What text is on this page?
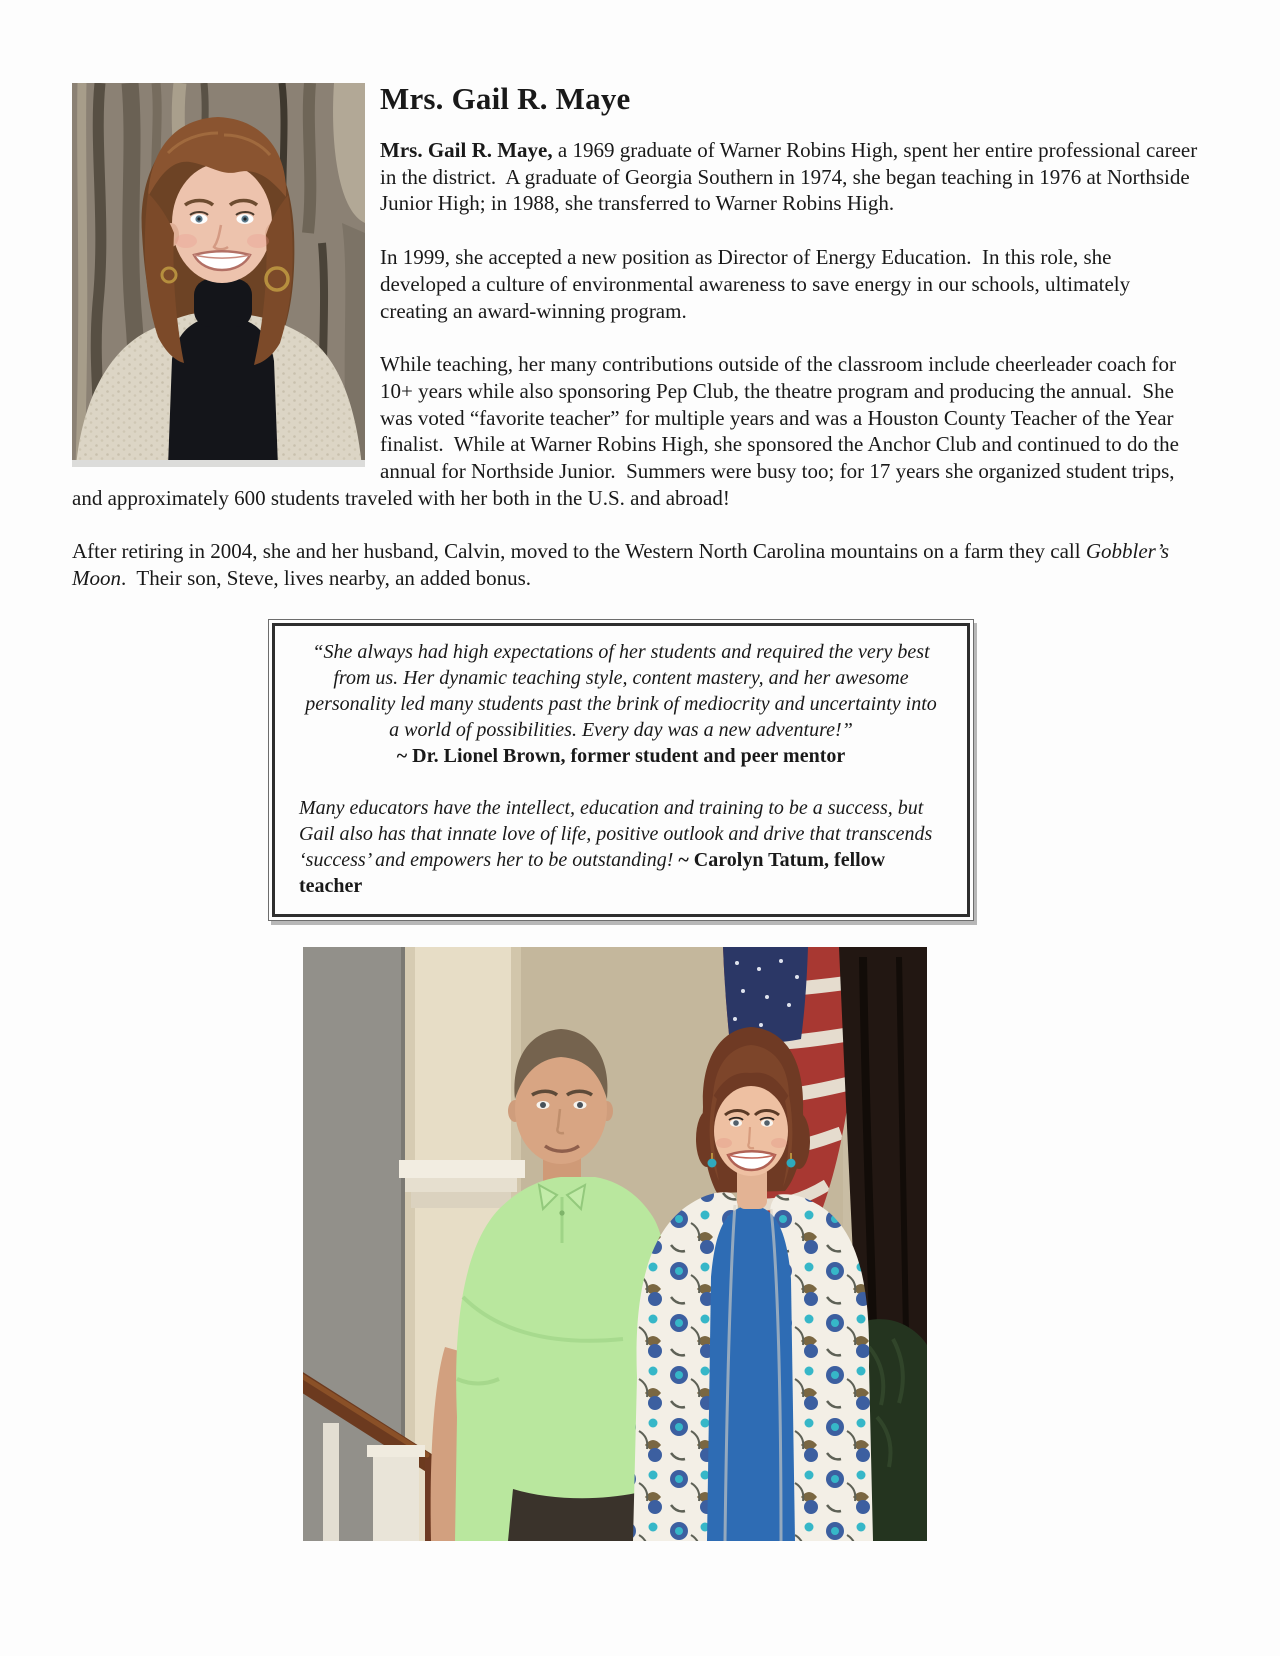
Mrs. Gail R. Maye

Mrs. Gail R. Maye, a 1969 graduate of Warner Robins High, spent her entire professional career in the district.  A graduate of Georgia Southern in 1974, she began teaching in 1976 at Northside Junior High; in 1988, she transferred to Warner Robins High.

In 1999, she accepted a new position as Director of Energy Education.  In this role, she developed a culture of environmental awareness to save energy in our schools, ultimately creating an award-winning program.

While teaching, her many contributions outside of the classroom include cheerleader coach for 10+ years while also sponsoring Pep Club, the theatre program and producing the annual.  She was voted “favorite teacher” for multiple years and was a Houston County Teacher of the Year finalist.  While at Warner Robins High, she sponsored the Anchor Club and continued to do the annual for Northside Junior.  Summers were busy too; for 17 years she organized student trips, and approximately 600 students traveled with her both in the U.S. and abroad!

After retiring in 2004, she and her husband, Calvin, moved to the Western North Carolina mountains on a farm they call Gobbler’s Moon.  Their son, Steve, lives nearby, an added bonus.

“She always had high expectations of her students and required the very best from us. Her dynamic teaching style, content mastery, and her awesome personality led many students past the brink of mediocrity and uncertainty into a world of possibilities. Every day was a new adventure!”

~ Dr. Lionel Brown, former student and peer mentor

Many educators have the intellect, education and training to be a success, but Gail also has that innate love of life, positive outlook and drive that transcends ‘success’ and empowers her to be outstanding! ~ Carolyn Tatum, fellow teacher
